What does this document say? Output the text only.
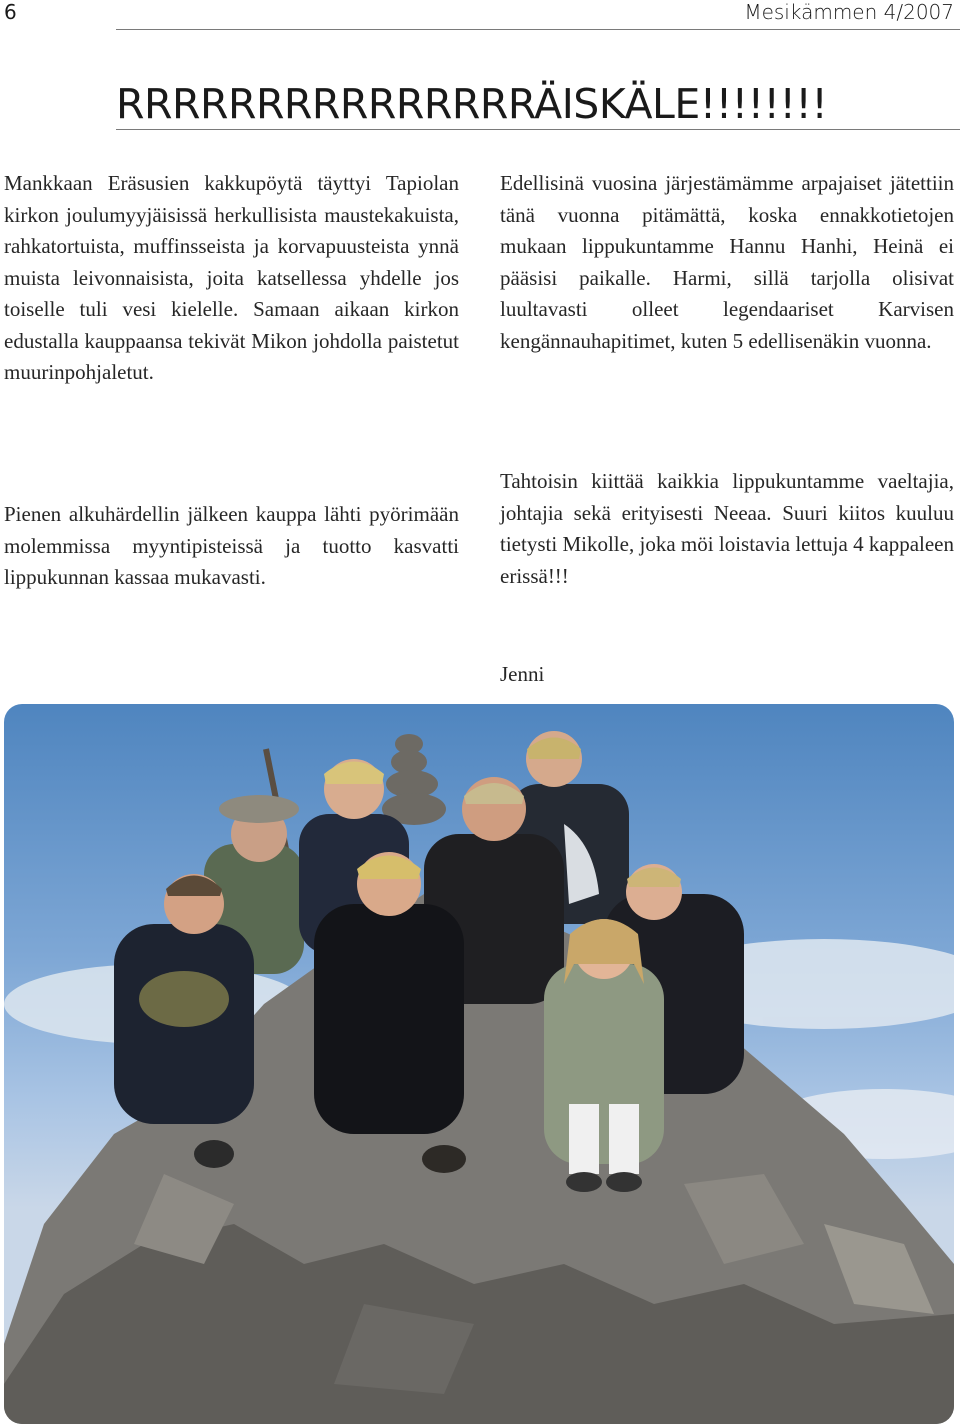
6	Mesikämmen 4/2007
RRRRRRRRRRRRRRRÄISKÄLE!!!!!!!!

Mankkaan Eräsusien kakkupöytä täyttyi Tapiolan kirkon joulumyyjäisissä herkullisista maustekakuista, rahkatortuista, muffinsseista ja korvapuusteista ynnä muista leivonnaisista, joita katsellessa yhdelle jos toiselle tuli vesi kielelle. Samaan aikaan kirkon edustalla kauppaansa tekivät Mikon johdolla paistetut muurinpohjaletut.

Pienen alkuhärdellin jälkeen kauppa lähti pyörimään molemmissa myyntipisteissä ja tuotto kasvatti lippukunnan kassaa mukavasti.

Edellisinä vuosina järjestämämme arpajaiset jätettiin tänä vuonna pitämättä, koska ennakkotietojen mukaan lippukuntamme Hannu Hanhi, Heinä ei pääsisi paikalle. Harmi, sillä tarjolla olisivat luultavasti olleet legendaariset Karvisen kengännauhapitimet, kuten 5 edellisenäkin vuonna.

Tahtoisin kiittää kaikkia lippukuntamme vaeltajia, johtajia sekä erityisesti Neeaa. Suuri kiitos kuuluu tietysti Mikolle, joka möi loistavia lettuja 4 kappaleen erissä!!!

Jenni
